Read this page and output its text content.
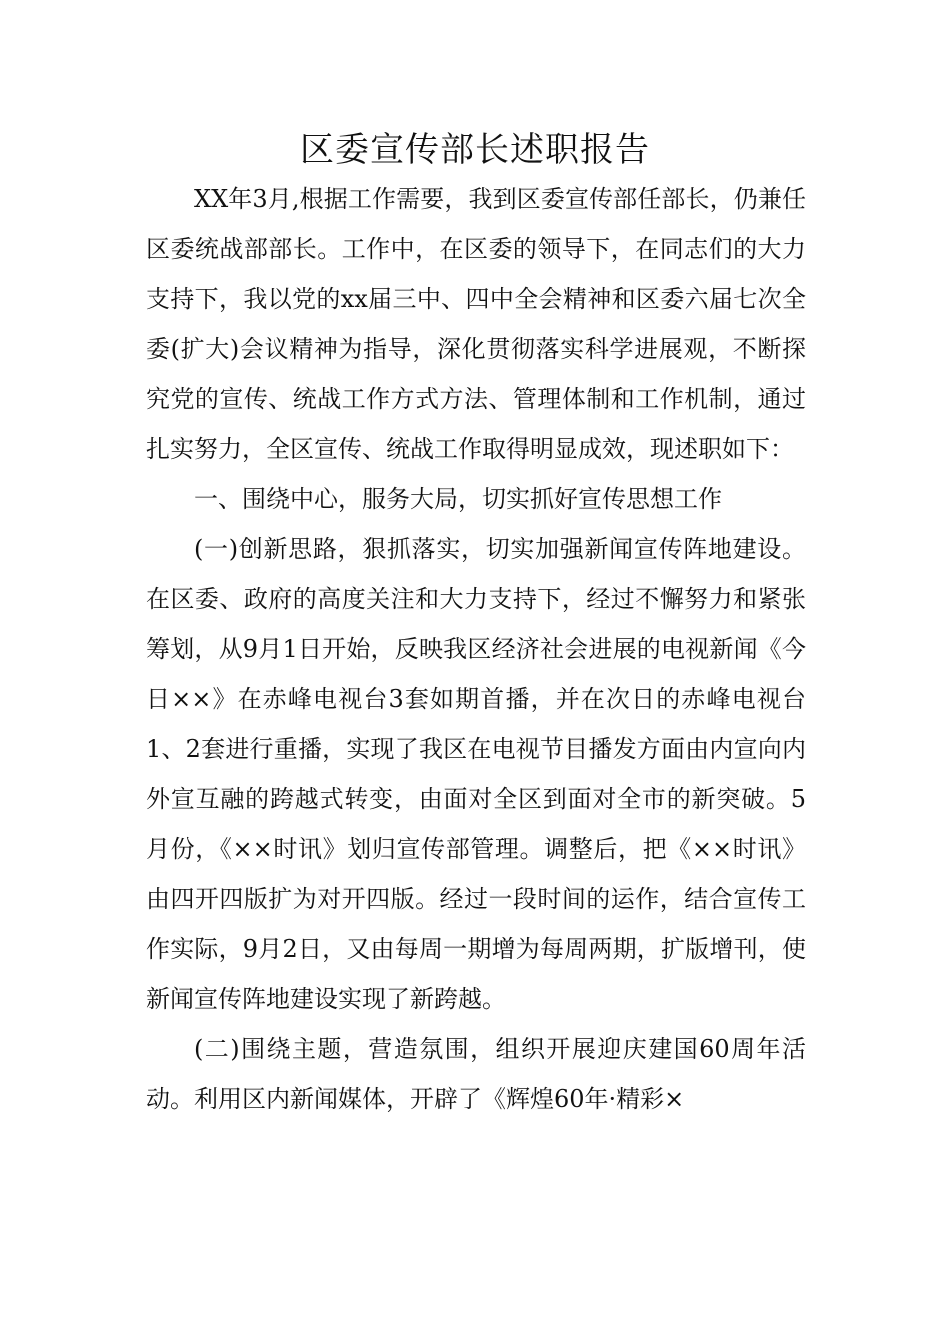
区委宣传部长述职报告

XX年3月,根据工作需要，我到区委宣传部任部长，仍兼任区委统战部部长。工作中，在区委的领导下，在同志们的大力支持下，我以党的xx届三中、四中全会精神和区委六届七次全委(扩大)会议精神为指导，深化贯彻落实科学进展观，不断探究党的宣传、统战工作方式方法、管理体制和工作机制，通过扎实努力，全区宣传、统战工作取得明显成效，现述职如下：

一、围绕中心，服务大局，切实抓好宣传思想工作

(一)创新思路，狠抓落实，切实加强新闻宣传阵地建设。在区委、政府的高度关注和大力支持下，经过不懈努力和紧张筹划，从9月1日开始，反映我区经济社会进展的电视新闻《今日××》在赤峰电视台3套如期首播，并在次日的赤峰电视台1、2套进行重播，实现了我区在电视节目播发方面由内宣向内外宣互融的跨越式转变，由面对全区到面对全市的新突破。5月份，《××时讯》划归宣传部管理。调整后，把《××时讯》由四开四版扩为对开四版。经过一段时间的运作，结合宣传工作实际，9月2日，又由每周一期增为每周两期，扩版增刊，使新闻宣传阵地建设实现了新跨越。

(二)围绕主题，营造氛围，组织开展迎庆建国60周年活动。利用区内新闻媒体，开辟了《辉煌60年·精彩×
